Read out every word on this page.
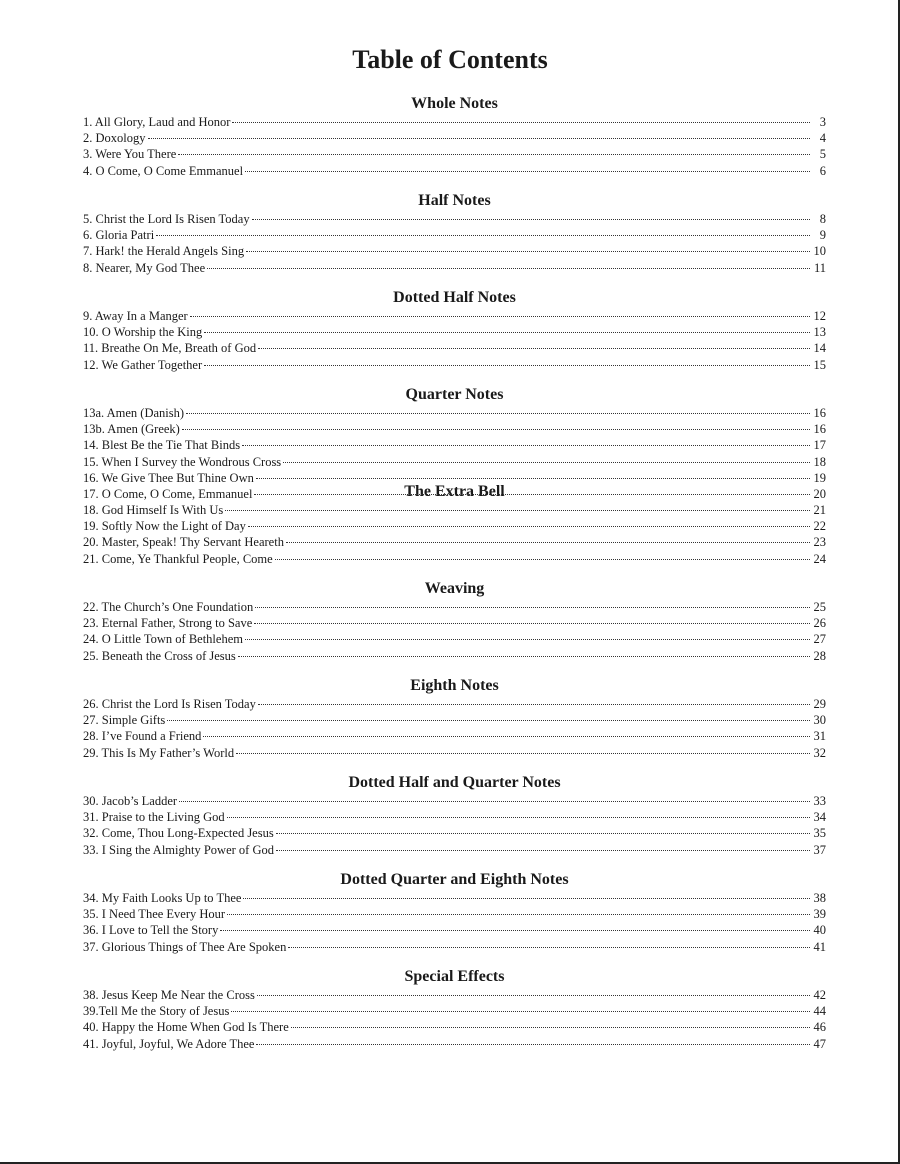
Table of Contents
Whole Notes
1. All Glory, Laud and Honor	3
2. Doxology	4
3. Were You There	5
4. O Come, O Come Emmanuel	6
Half Notes
5. Christ the Lord Is Risen Today	8
6. Gloria Patri	9
7. Hark! the Herald Angels Sing	10
8. Nearer, My God Thee	11
Dotted Half Notes
9. Away In a Manger	12
10. O Worship the King	13
11. Breathe On Me, Breath of God	14
12. We Gather Together	15
Quarter Notes
13a. Amen (Danish)	16
13b. Amen (Greek)	16
14. Blest Be the Tie That Binds	17
15. When I Survey the Wondrous Cross	18
16. We Give Thee But Thine Own	19
17. O Come, O Come, Emmanuel	20
The Extra Bell
18. God Himself Is With Us	21
19. Softly Now the Light of Day	22
20. Master, Speak! Thy Servant Heareth	23
21. Come, Ye Thankful People, Come	24
Weaving
22. The Church’s One Foundation	25
23. Eternal Father, Strong to Save	26
24. O Little Town of Bethlehem	27
25. Beneath the Cross of Jesus	28
Eighth Notes
26. Christ the Lord Is Risen Today	29
27. Simple Gifts	30
28. I’ve Found a Friend	31
29. This Is My Father’s World	32
Dotted Half and Quarter Notes
30. Jacob’s Ladder	33
31. Praise to the Living God	34
32. Come, Thou Long-Expected Jesus	35
33. I Sing the Almighty Power of God	37
Dotted Quarter and Eighth Notes
34. My Faith Looks Up to Thee	38
35. I Need Thee Every Hour	39
36. I Love to Tell the Story	40
37. Glorious Things of Thee Are Spoken	41
Special Effects
38. Jesus Keep Me Near the Cross	42
39.Tell Me the Story of Jesus	44
40. Happy the Home When God Is There	46
41. Joyful, Joyful, We Adore Thee	47
